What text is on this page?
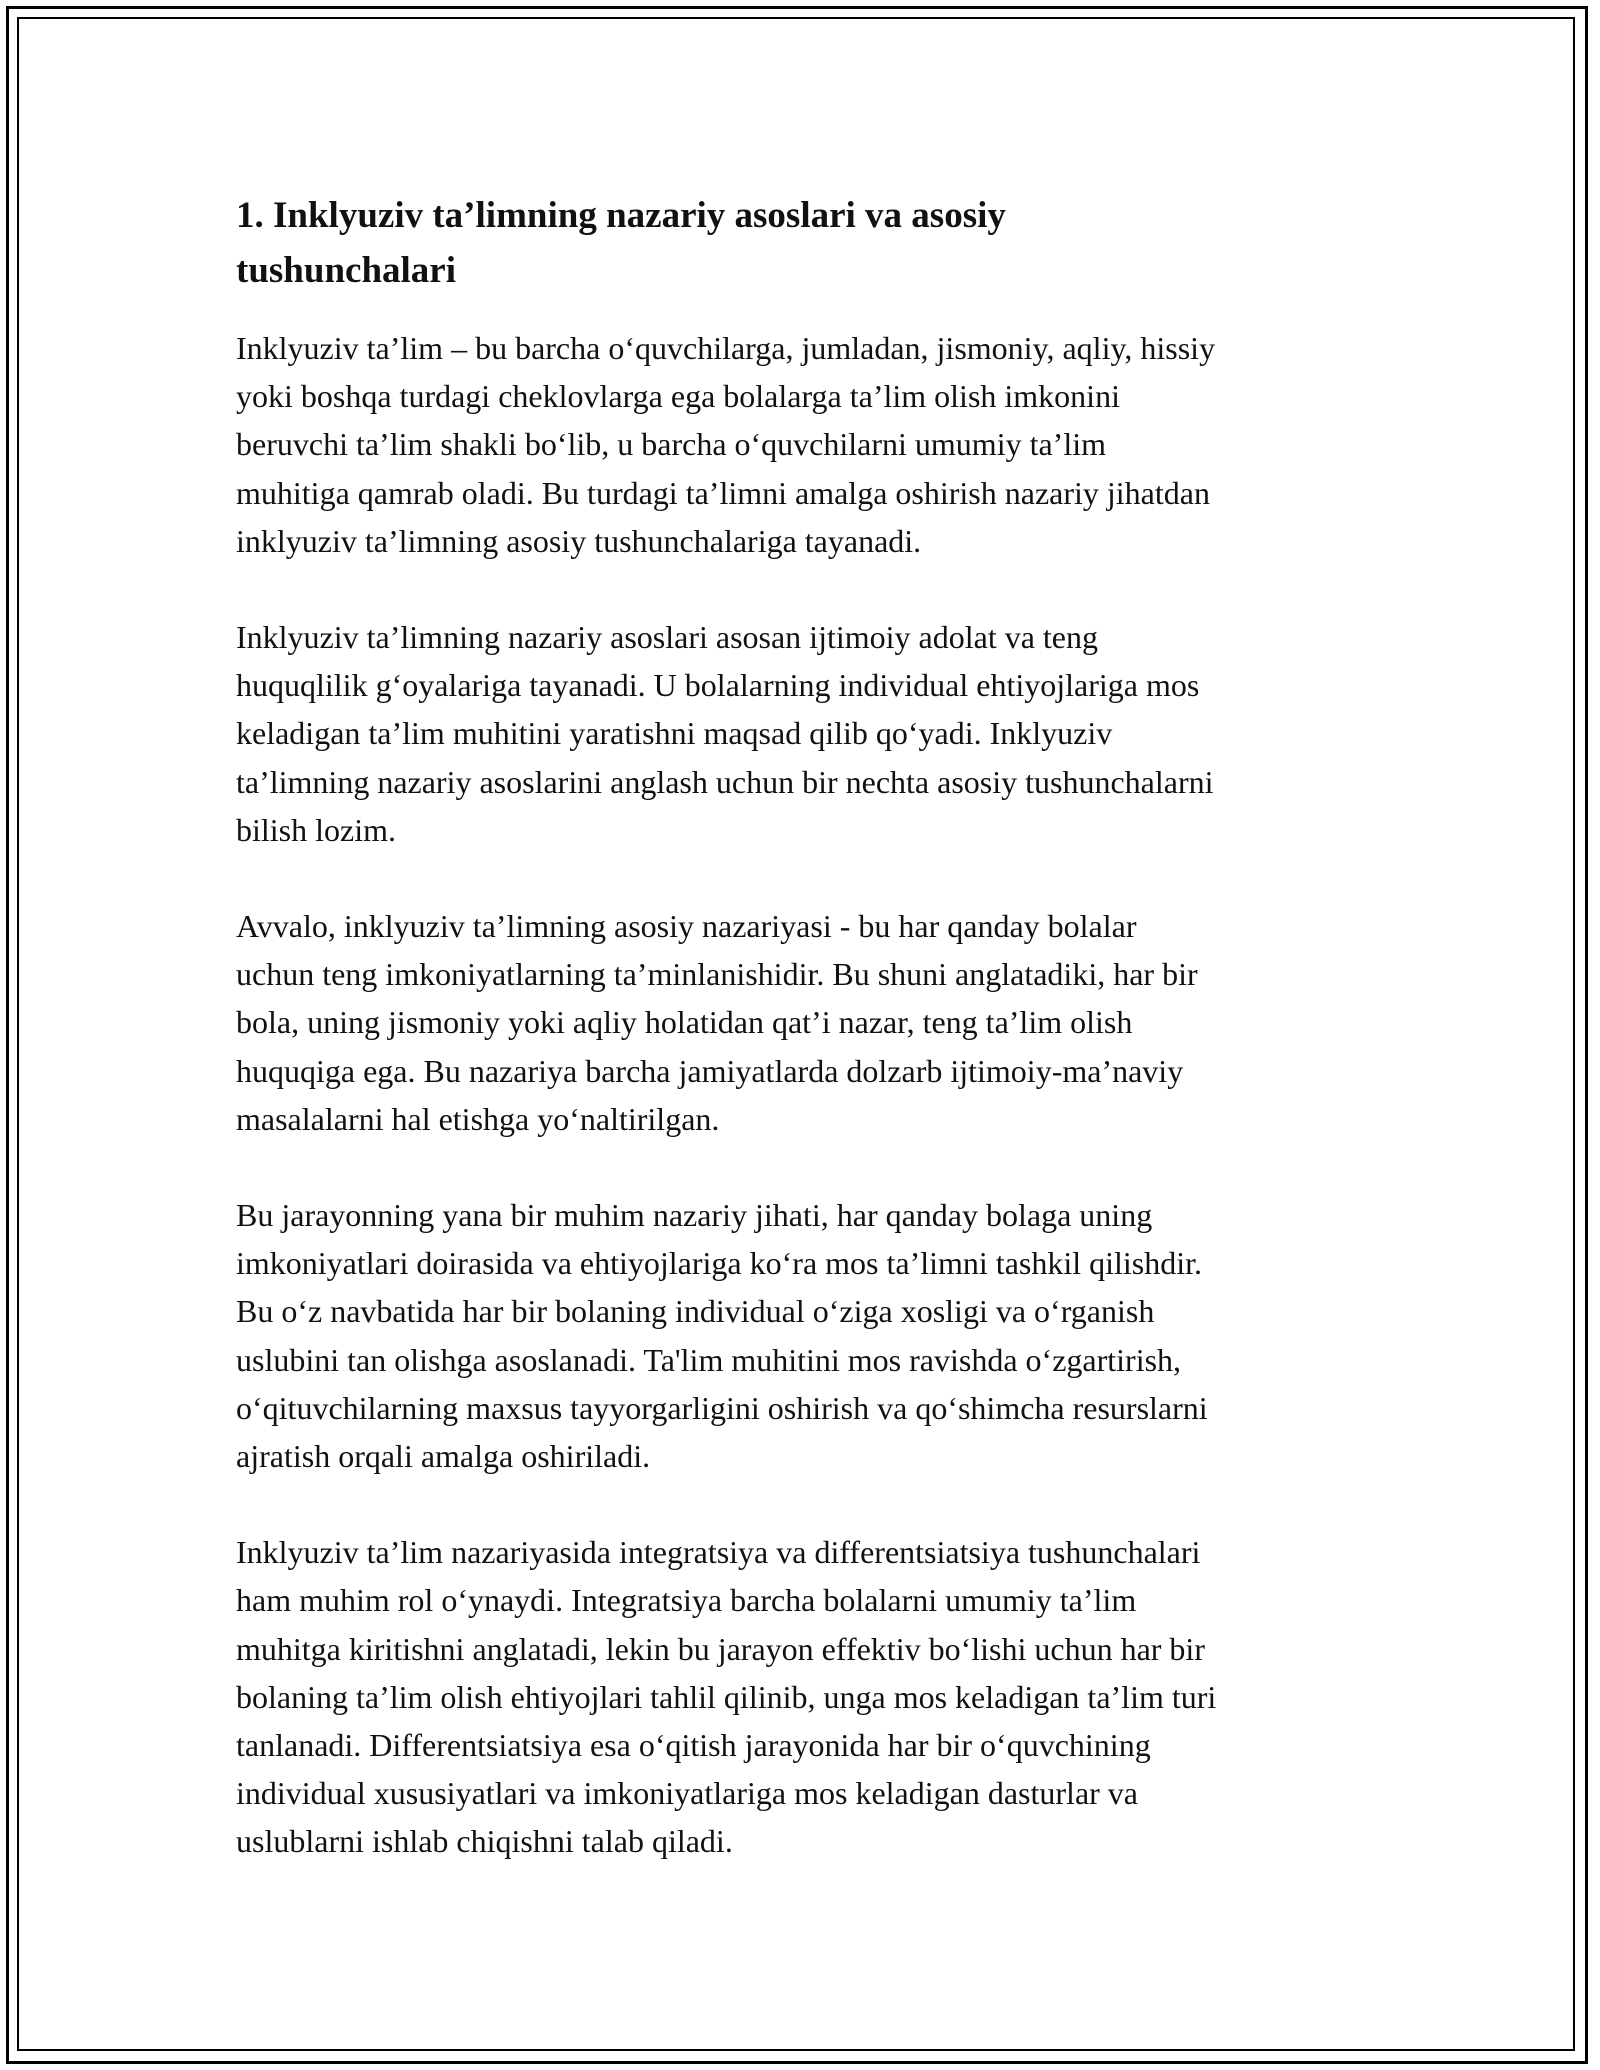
1. Inklyuziv ta’limning nazariy asoslari va asosiy
tushunchalari

Inklyuziv ta’lim – bu barcha o‘quvchilarga, jumladan, jismoniy, aqliy, hissiy
yoki boshqa turdagi cheklovlarga ega bolalarga ta’lim olish imkonini
beruvchi ta’lim shakli bo‘lib, u barcha o‘quvchilarni umumiy ta’lim
muhitiga qamrab oladi. Bu turdagi ta’limni amalga oshirish nazariy jihatdan
inklyuziv ta’limning asosiy tushunchalariga tayanadi.

Inklyuziv ta’limning nazariy asoslari asosan ijtimoiy adolat va teng
huquqlilik g‘oyalariga tayanadi. U bolalarning individual ehtiyojlariga mos
keladigan ta’lim muhitini yaratishni maqsad qilib qo‘yadi. Inklyuziv
ta’limning nazariy asoslarini anglash uchun bir nechta asosiy tushunchalarni
bilish lozim.

Avvalo, inklyuziv ta’limning asosiy nazariyasi - bu har qanday bolalar
uchun teng imkoniyatlarning ta’minlanishidir. Bu shuni anglatadiki, har bir
bola, uning jismoniy yoki aqliy holatidan qat’i nazar, teng ta’lim olish
huquqiga ega. Bu nazariya barcha jamiyatlarda dolzarb ijtimoiy-ma’naviy
masalalarni hal etishga yo‘naltirilgan.

Bu jarayonning yana bir muhim nazariy jihati, har qanday bolaga uning
imkoniyatlari doirasida va ehtiyojlariga ko‘ra mos ta’limni tashkil qilishdir.
Bu o‘z navbatida har bir bolaning individual o‘ziga xosligi va o‘rganish
uslubini tan olishga asoslanadi. Ta'lim muhitini mos ravishda o‘zgartirish,
o‘qituvchilarning maxsus tayyorgarligini oshirish va qo‘shimcha resurslarni
ajratish orqali amalga oshiriladi.

Inklyuziv ta’lim nazariyasida integratsiya va differentsiatsiya tushunchalari
ham muhim rol o‘ynaydi. Integratsiya barcha bolalarni umumiy ta’lim
muhitga kiritishni anglatadi, lekin bu jarayon effektiv bo‘lishi uchun har bir
bolaning ta’lim olish ehtiyojlari tahlil qilinib, unga mos keladigan ta’lim turi
tanlanadi. Differentsiatsiya esa o‘qitish jarayonida har bir o‘quvchining
individual xususiyatlari va imkoniyatlariga mos keladigan dasturlar va
uslublarni ishlab chiqishni talab qiladi.
